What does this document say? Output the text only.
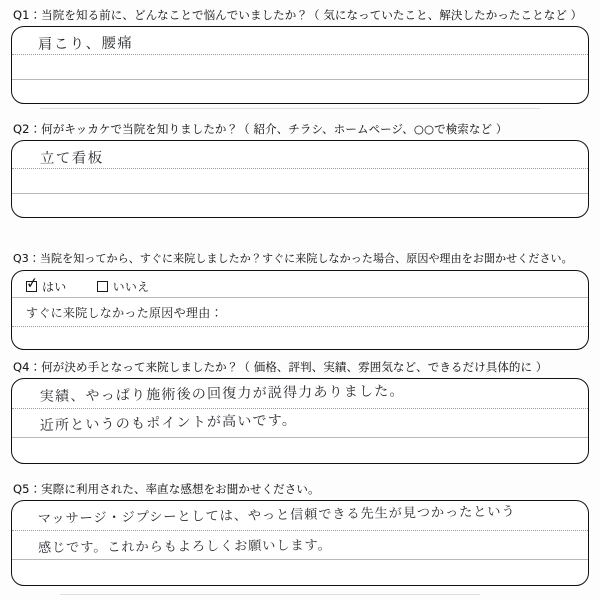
Q1：当院を知る前に、どんなことで悩んでいましたか？（ 気になっていたこと、解決したかったことなど ）
肩こり、腰痛
Q2：何がキッカケで当院を知りましたか？（ 紹介、チラシ、ホームページ、○○で検索など ）
立て看板
Q3：当院を知ってから、すぐに来院しましたか？すぐに来院しなかった場合、原因や理由をお聞かせください。
✓ はい	いいえ
すぐに来院しなかった原因や理由：
Q4：何が決め手となって来院しましたか？（ 価格、評判、実績、雰囲気など、できるだけ具体的に ）
実績、やっぱり施術後の回復力が説得力ありました。
近所というのもポイントが高いです。
Q5：実際に利用された、率直な感想をお聞かせください。
マッサージ・ジプシーとしては、やっと信頼できる先生が見つかったという
感じです。これからもよろしくお願いします。
